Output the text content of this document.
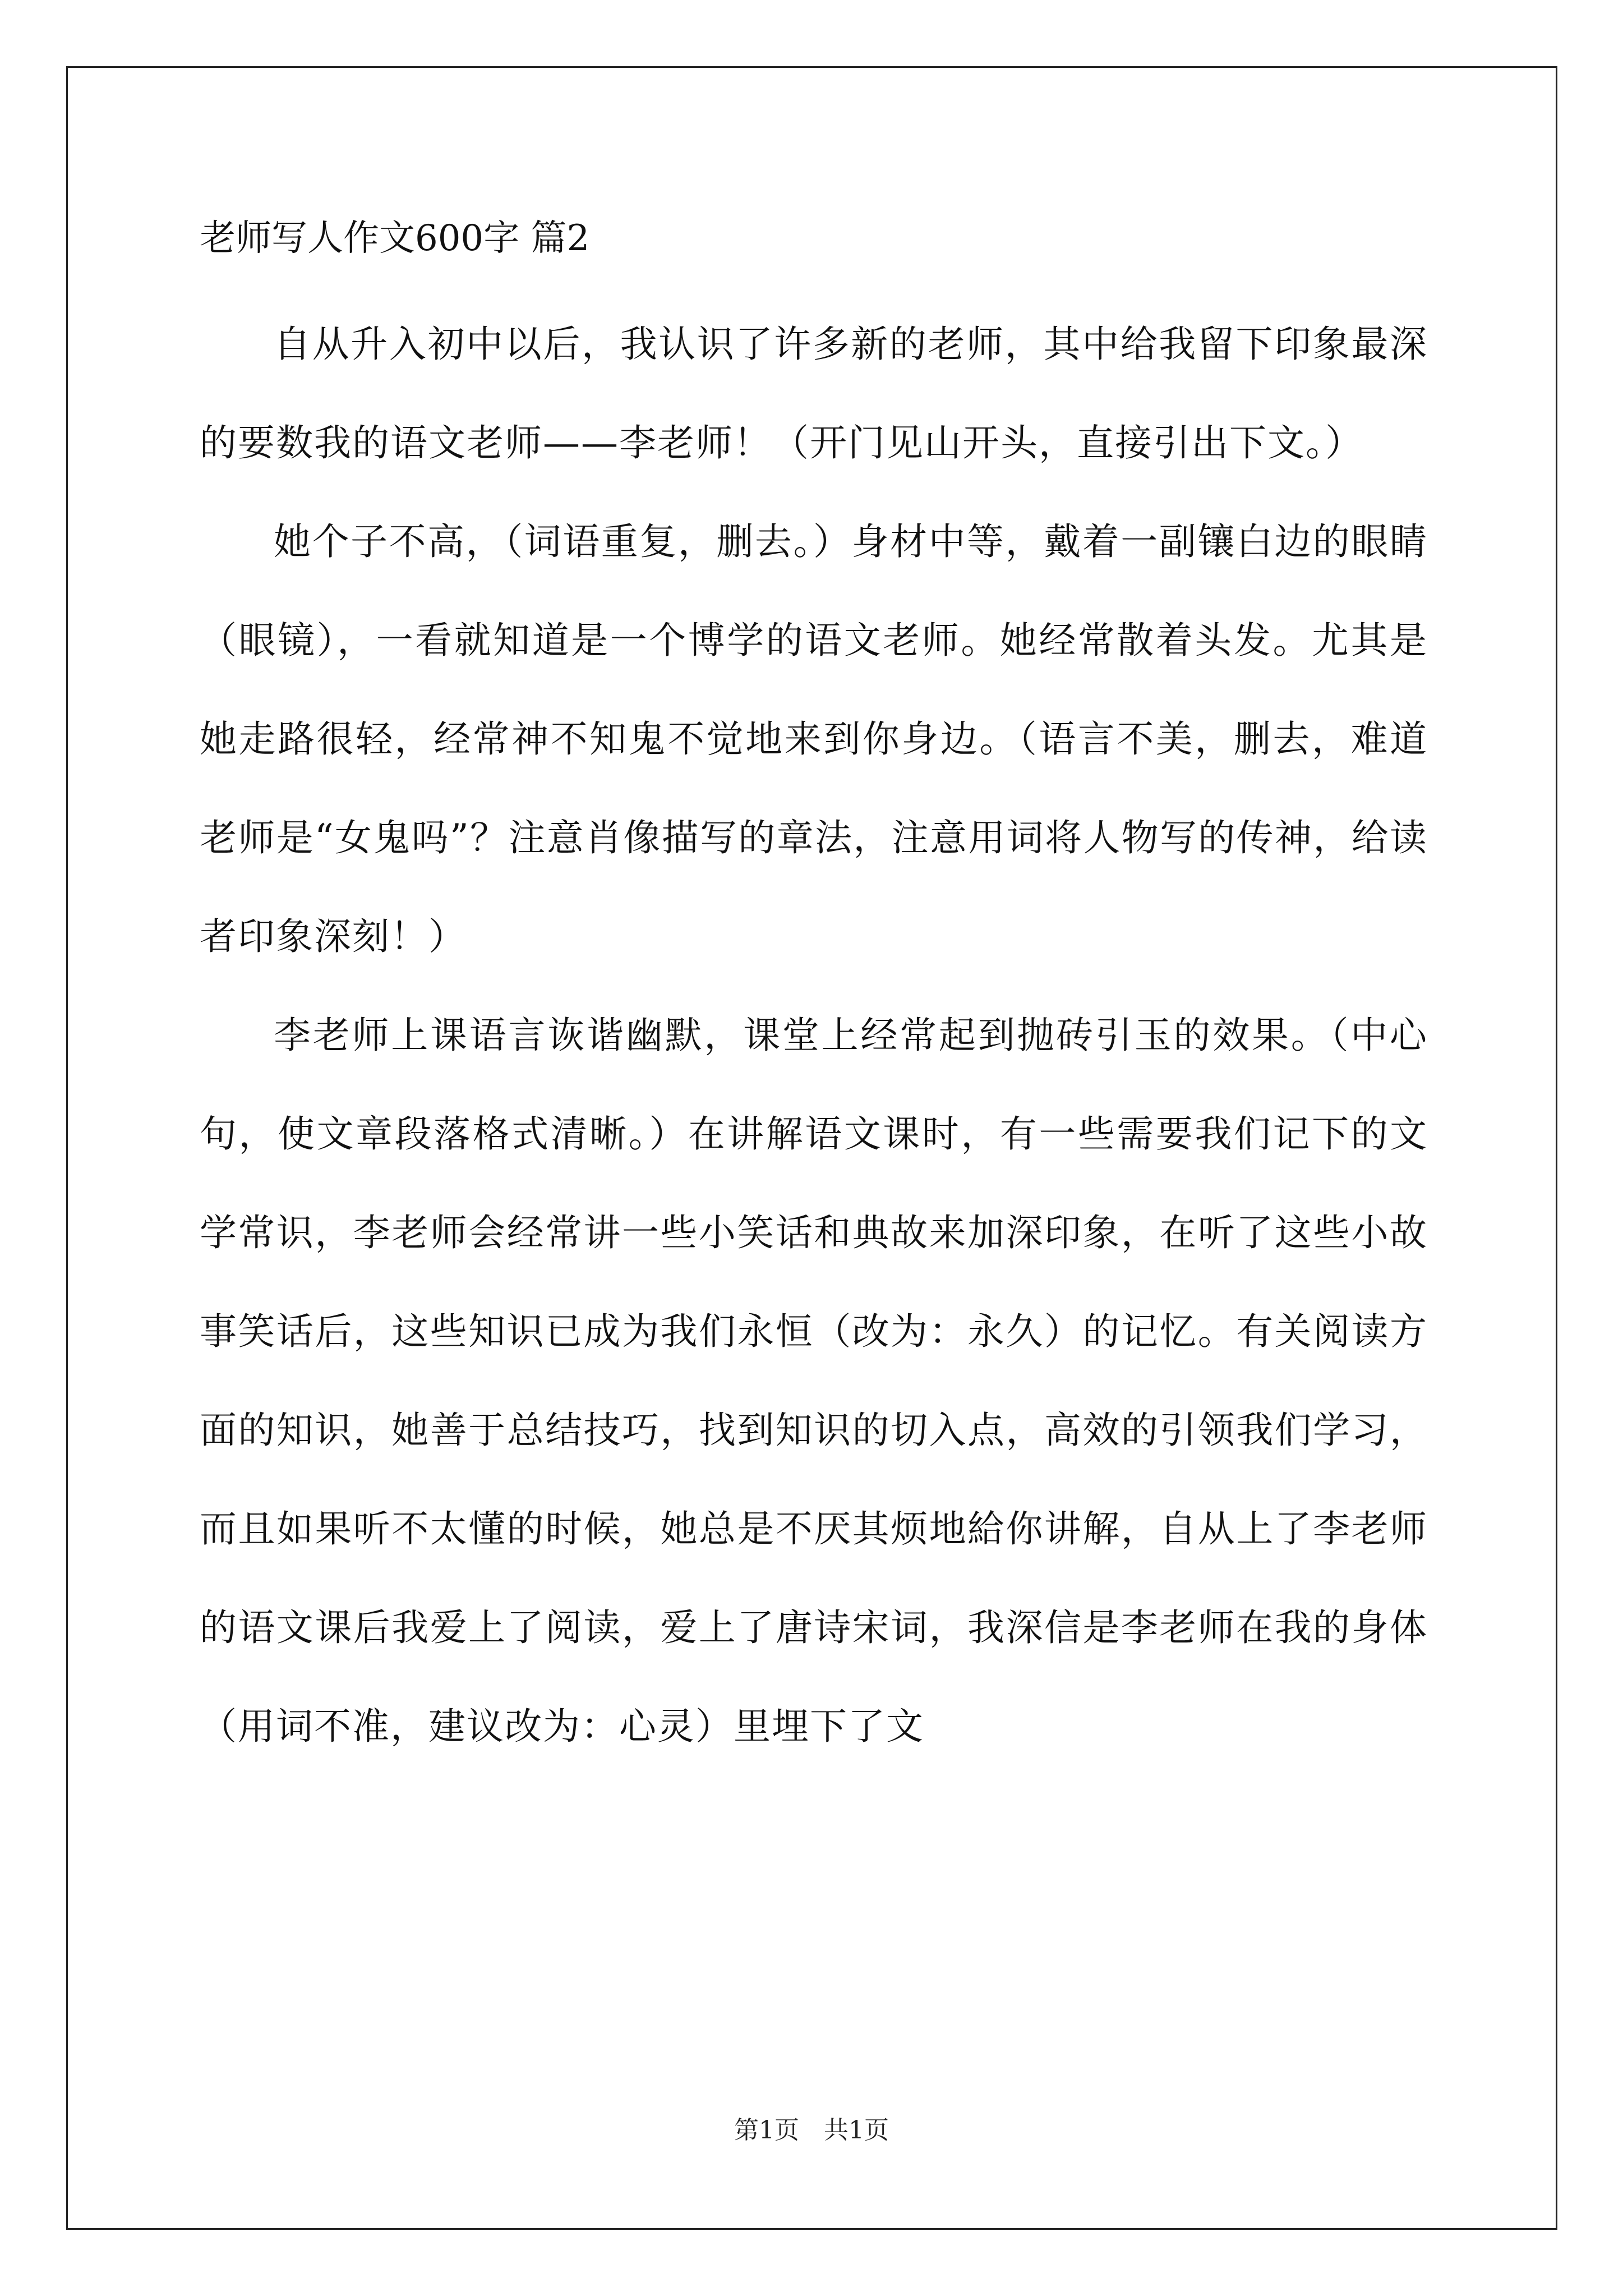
老师写人作文600字 篇2

自从升入初中以后，我认识了许多新的老师，其中给我留下印象最深的要数我的语文老师——李老师！（开门见山开头，直接引出下文。）

她个子不高，（词语重复，删去。）身材中等，戴着一副镶白边的眼睛（眼镜），一看就知道是一个博学的语文老师。她经常散着头发。尤其是她走路很轻，经常神不知鬼不觉地来到你身边。（语言不美，删去，难道老师是“女鬼吗”？注意肖像描写的章法，注意用词将人物写的传神，给读者印象深刻！）

李老师上课语言诙谐幽默，课堂上经常起到抛砖引玉的效果。（中心句，使文章段落格式清晰。）在讲解语文课时，有一些需要我们记下的文学常识，李老师会经常讲一些小笑话和典故来加深印象，在听了这些小故事笑话后，这些知识已成为我们永恒（改为：永久）的记忆。有关阅读方面的知识，她善于总结技巧，找到知识的切入点，高效的引领我们学习，而且如果听不太懂的时候，她总是不厌其烦地給你讲解，自从上了李老师的语文课后我爱上了阅读，爱上了唐诗宋词，我深信是李老师在我的身体（用词不准，建议改为：心灵）里埋下了文

第1页　共1页
